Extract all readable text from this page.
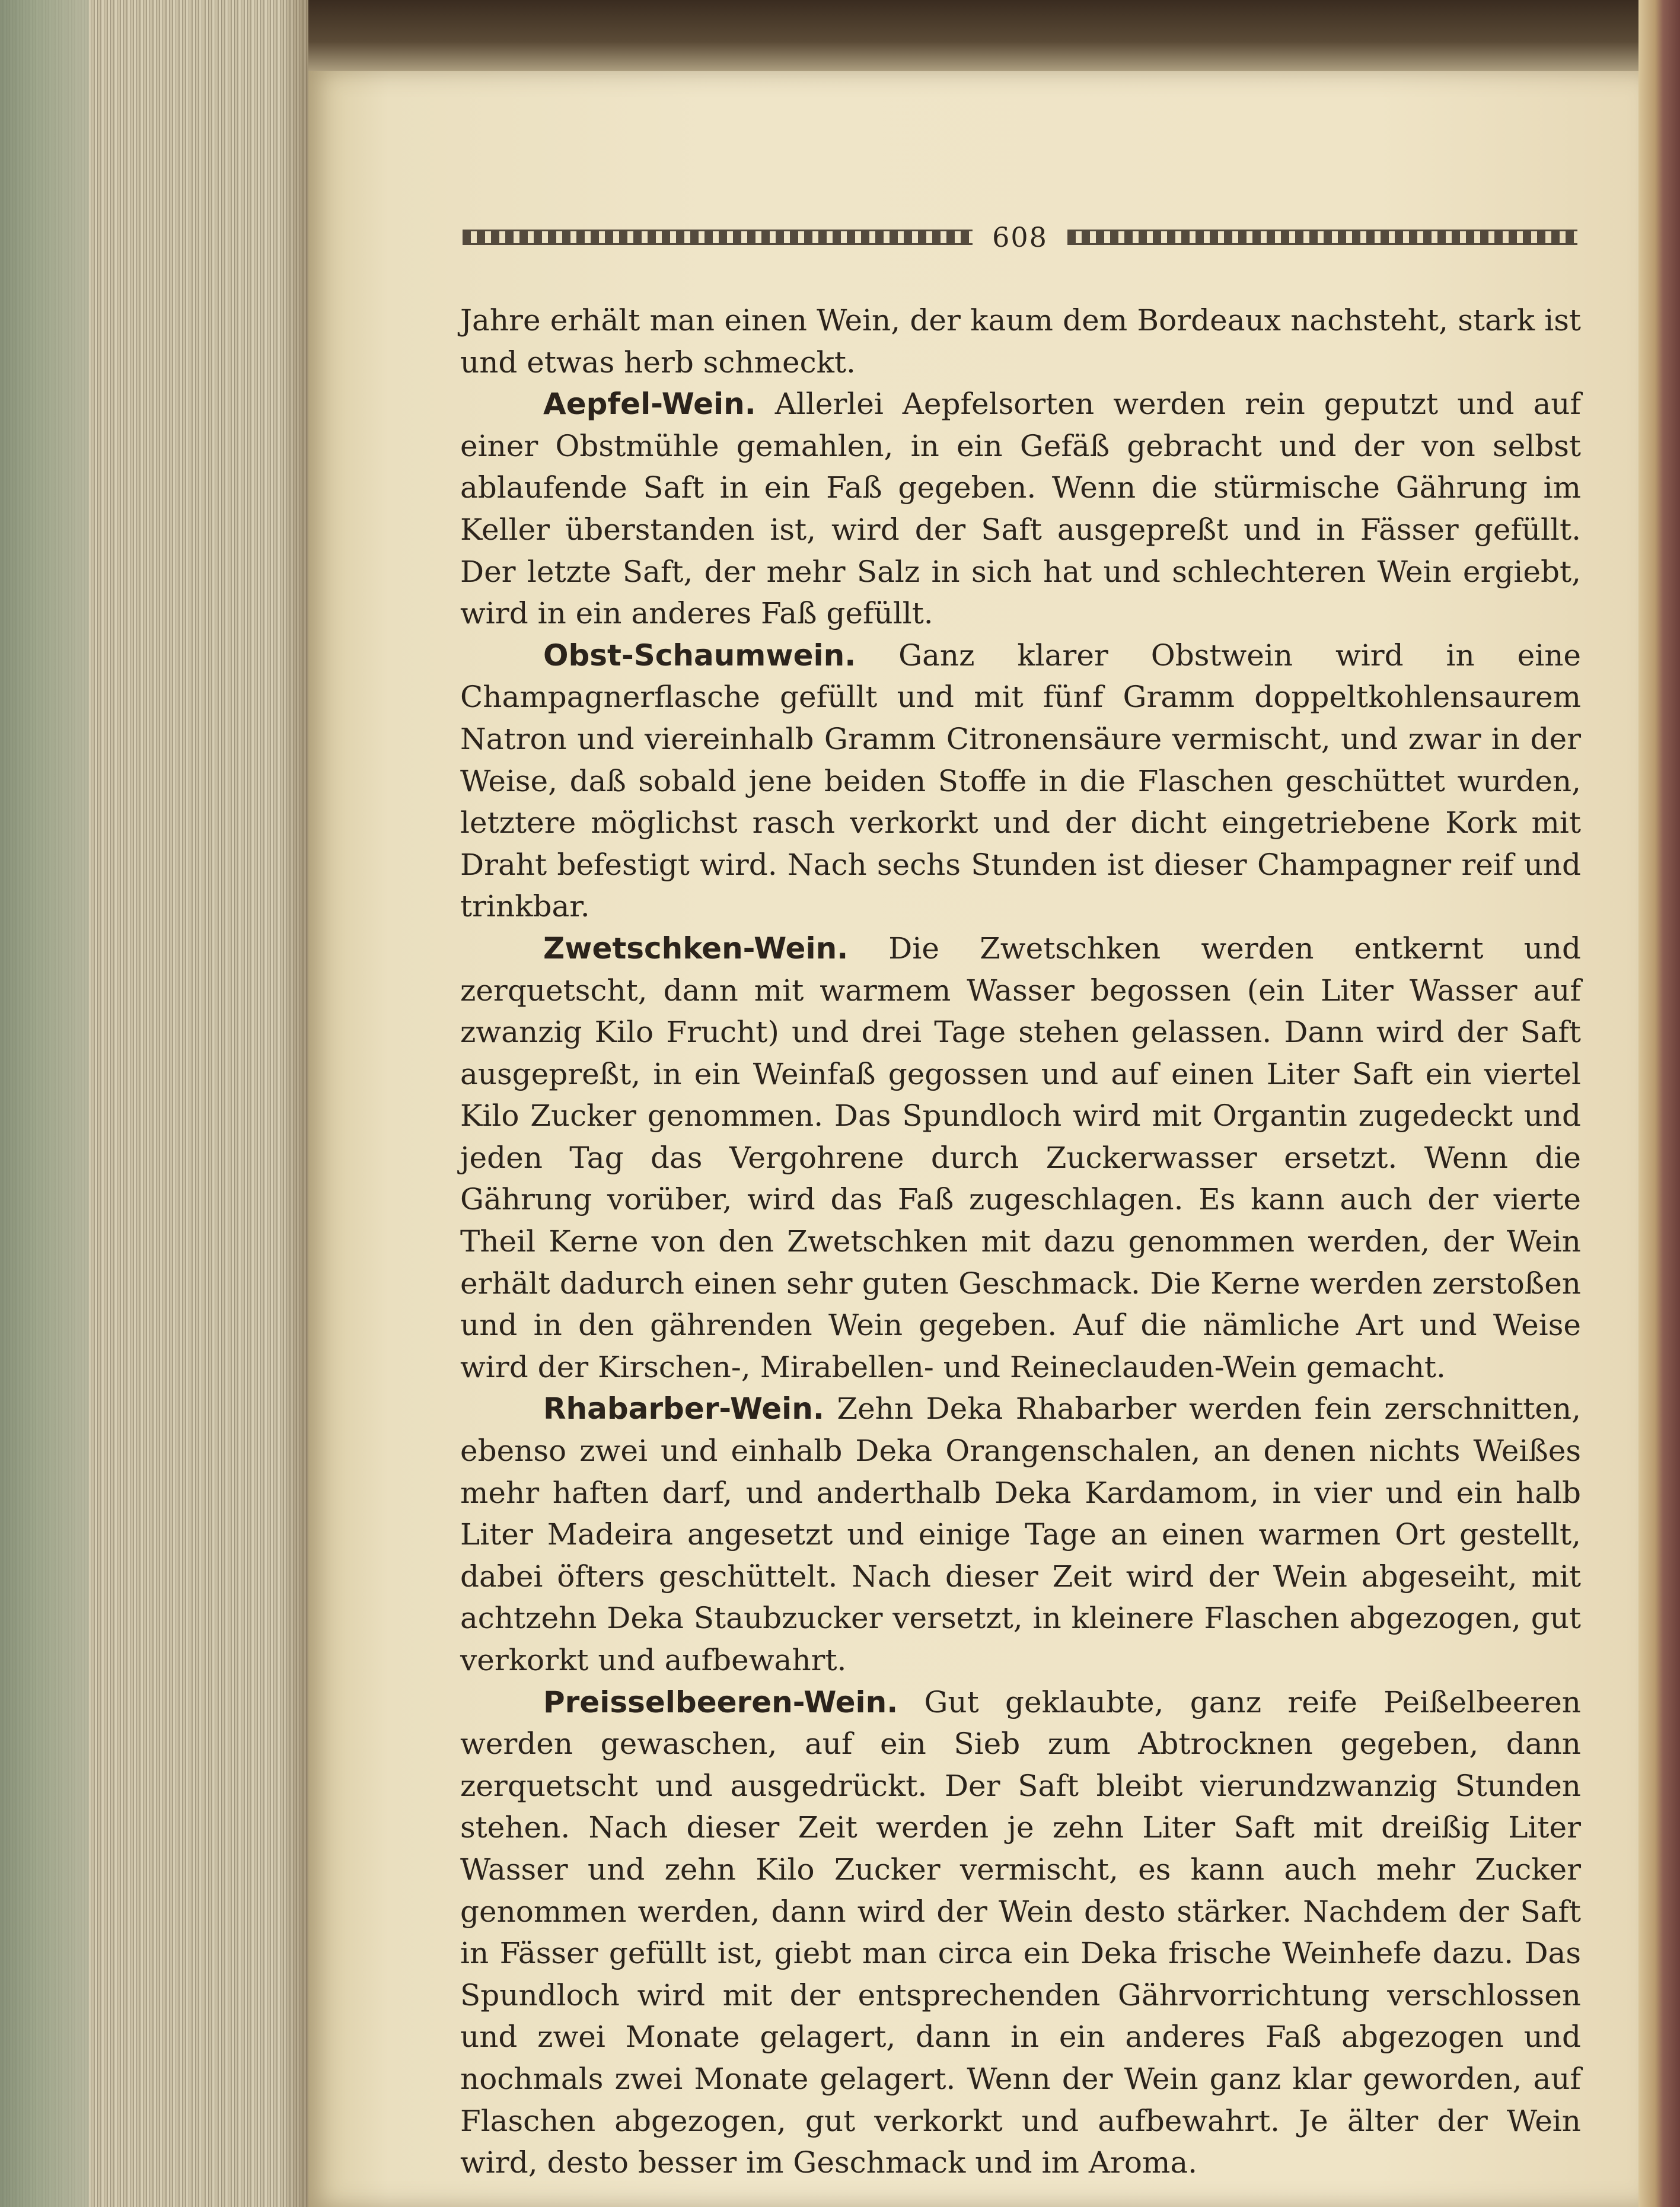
608

Jahre erhält man einen Wein, der kaum dem Bordeaux nachsteht, stark ist und etwas herb schmeckt.

Aepfel-Wein. Allerlei Aepfelsorten werden rein geputzt und auf einer Obstmühle gemahlen, in ein Gefäß gebracht und der von selbst ablaufende Saft in ein Faß gegeben. Wenn die stürmische Gährung im Keller überstanden ist, wird der Saft ausgepreßt und in Fässer gefüllt. Der letzte Saft, der mehr Salz in sich hat und schlechteren Wein ergiebt, wird in ein anderes Faß gefüllt.

Obst-Schaumwein. Ganz klarer Obstwein wird in eine Champagnerflasche gefüllt und mit fünf Gramm doppeltkohlensaurem Natron und viereinhalb Gramm Citronensäure vermischt, und zwar in der Weise, daß sobald jene beiden Stoffe in die Flaschen geschüttet wurden, letztere möglichst rasch verkorkt und der dicht eingetriebene Kork mit Draht befestigt wird. Nach sechs Stunden ist dieser Champagner reif und trinkbar.

Zwetschken-Wein. Die Zwetschken werden entkernt und zerquetscht, dann mit warmem Wasser begossen (ein Liter Wasser auf zwanzig Kilo Frucht) und drei Tage stehen gelassen. Dann wird der Saft ausgepreßt, in ein Weinfaß gegossen und auf einen Liter Saft ein viertel Kilo Zucker genommen. Das Spundloch wird mit Organtin zugedeckt und jeden Tag das Vergohrene durch Zuckerwasser ersetzt. Wenn die Gährung vorüber, wird das Faß zugeschlagen. Es kann auch der vierte Theil Kerne von den Zwetschken mit dazu genommen werden, der Wein erhält dadurch einen sehr guten Geschmack. Die Kerne werden zerstoßen und in den gährenden Wein gegeben. Auf die nämliche Art und Weise wird der Kirschen-, Mirabellen- und Reineclauden-Wein gemacht.

Rhabarber-Wein. Zehn Deka Rhabarber werden fein zerschnitten, ebenso zwei und einhalb Deka Orangenschalen, an denen nichts Weißes mehr haften darf, und anderthalb Deka Kardamom, in vier und ein halb Liter Madeira angesetzt und einige Tage an einen warmen Ort gestellt, dabei öfters geschüttelt. Nach dieser Zeit wird der Wein abgeseiht, mit achtzehn Deka Staubzucker versetzt, in kleinere Flaschen abgezogen, gut verkorkt und aufbewahrt.

Preisselbeeren-Wein. Gut geklaubte, ganz reife Peißelbeeren werden gewaschen, auf ein Sieb zum Abtrocknen gegeben, dann zerquetscht und ausgedrückt. Der Saft bleibt vierundzwanzig Stunden stehen. Nach dieser Zeit werden je zehn Liter Saft mit dreißig Liter Wasser und zehn Kilo Zucker vermischt, es kann auch mehr Zucker genommen werden, dann wird der Wein desto stärker. Nachdem der Saft in Fässer gefüllt ist, giebt man circa ein Deka frische Weinhefe dazu. Das Spundloch wird mit der entsprechenden Gährvorrichtung verschlossen und zwei Monate gelagert, dann in ein anderes Faß abgezogen und nochmals zwei Monate gelagert. Wenn der Wein ganz klar geworden, auf Flaschen abgezogen, gut verkorkt und aufbewahrt. Je älter der Wein wird, desto besser im Geschmack und im Aroma.
